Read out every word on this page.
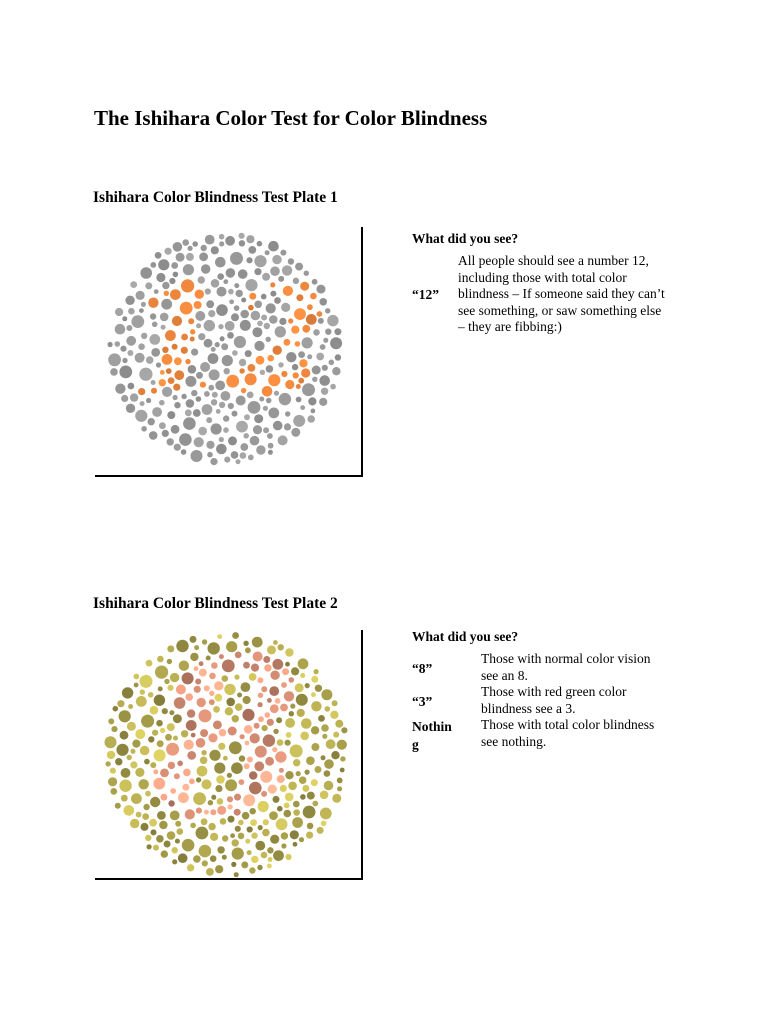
The Ishihara Color Test for Color Blindness
Ishihara Color Blindness Test Plate 1
What did you see?
“12”
All people should see a number 12, including those with total color blindness – If someone said they can’t see something, or saw something else – they are fibbing:)
Ishihara Color Blindness Test Plate 2
What did you see?
“8”
Those with normal color vision see an 8.
“3”
Those with red green color blindness see a 3.
Nothing
Those with total color blindness see nothing.
